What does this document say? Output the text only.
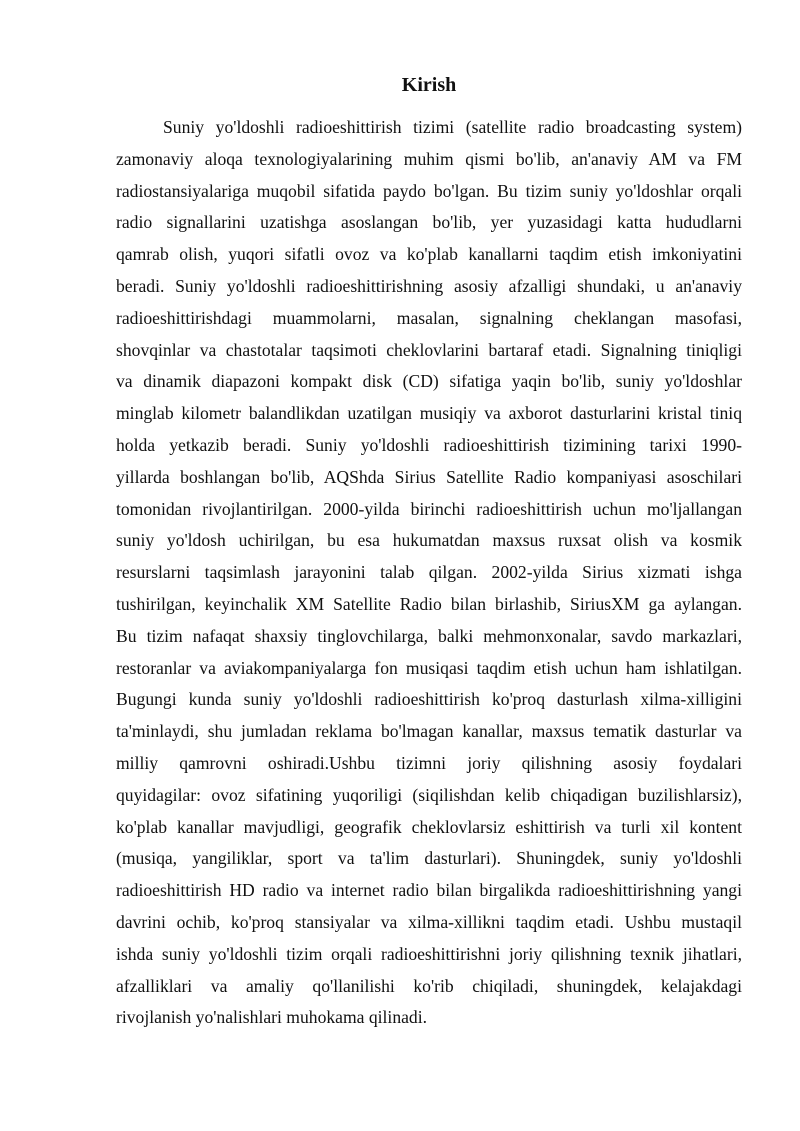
Kirish
Suniy yo'ldoshli radioeshittirish tizimi (satellite radio broadcasting system)
zamonaviy aloqa texnologiyalarining muhim qismi bo'lib, an'anaviy AM va FM
radiostansiyalariga muqobil sifatida paydo bo'lgan. Bu tizim suniy yo'ldoshlar orqali
radio signallarini uzatishga asoslangan bo'lib, yer yuzasidagi katta hududlarni
qamrab olish, yuqori sifatli ovoz va ko'plab kanallarni taqdim etish imkoniyatini
beradi. Suniy yo'ldoshli radioeshittirishning asosiy afzalligi shundaki, u an'anaviy
radioeshittirishdagi muammolarni, masalan, signalning cheklangan masofasi,
shovqinlar va chastotalar taqsimoti cheklovlarini bartaraf etadi. Signalning tiniqligi
va dinamik diapazoni kompakt disk (CD) sifatiga yaqin bo'lib, suniy yo'ldoshlar
minglab kilometr balandlikdan uzatilgan musiqiy va axborot dasturlarini kristal tiniq
holda yetkazib beradi. Suniy yo'ldoshli radioeshittirish tizimining tarixi 1990-
yillarda boshlangan bo'lib, AQShda Sirius Satellite Radio kompaniyasi asoschilari
tomonidan rivojlantirilgan. 2000-yilda birinchi radioeshittirish uchun mo'ljallangan
suniy yo'ldosh uchirilgan, bu esa hukumatdan maxsus ruxsat olish va kosmik
resurslarni taqsimlash jarayonini talab qilgan. 2002-yilda Sirius xizmati ishga
tushirilgan, keyinchalik XM Satellite Radio bilan birlashib, SiriusXM ga aylangan.
Bu tizim nafaqat shaxsiy tinglovchilarga, balki mehmonxonalar, savdo markazlari,
restoranlar va aviakompaniyalarga fon musiqasi taqdim etish uchun ham ishlatilgan.
Bugungi kunda suniy yo'ldoshli radioeshittirish ko'proq dasturlash xilma-xilligini
ta'minlaydi, shu jumladan reklama bo'lmagan kanallar, maxsus tematik dasturlar va
milliy qamrovni oshiradi.Ushbu tizimni joriy qilishning asosiy foydalari
quyidagilar: ovoz sifatining yuqoriligi (siqilishdan kelib chiqadigan buzilishlarsiz),
ko'plab kanallar mavjudligi, geografik cheklovlarsiz eshittirish va turli xil kontent
(musiqa, yangiliklar, sport va ta'lim dasturlari). Shuningdek, suniy yo'ldoshli
radioeshittirish HD radio va internet radio bilan birgalikda radioeshittirishning yangi
davrini ochib, ko'proq stansiyalar va xilma-xillikni taqdim etadi. Ushbu mustaqil
ishda suniy yo'ldoshli tizim orqali radioeshittirishni joriy qilishning texnik jihatlari,
afzalliklari va amaliy qo'llanilishi ko'rib chiqiladi, shuningdek, kelajakdagi
rivojlanish yo'nalishlari muhokama qilinadi.
